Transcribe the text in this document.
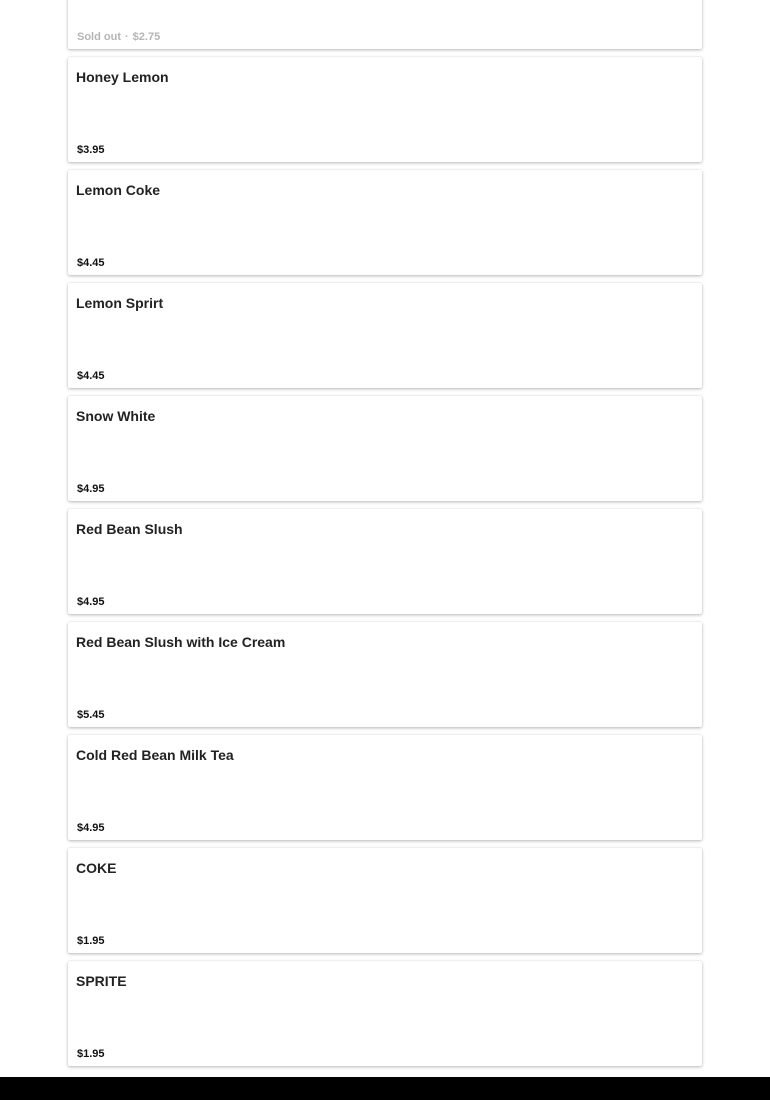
Sold out · $2.75
Honey Lemon
$3.95
Lemon Coke
$4.45
Lemon Sprirt
$4.45
Snow White
$4.95
Red Bean Slush
$4.95
Red Bean Slush with Ice Cream
$5.45
Cold Red Bean Milk Tea
$4.95
COKE
$1.95
SPRITE
$1.95
